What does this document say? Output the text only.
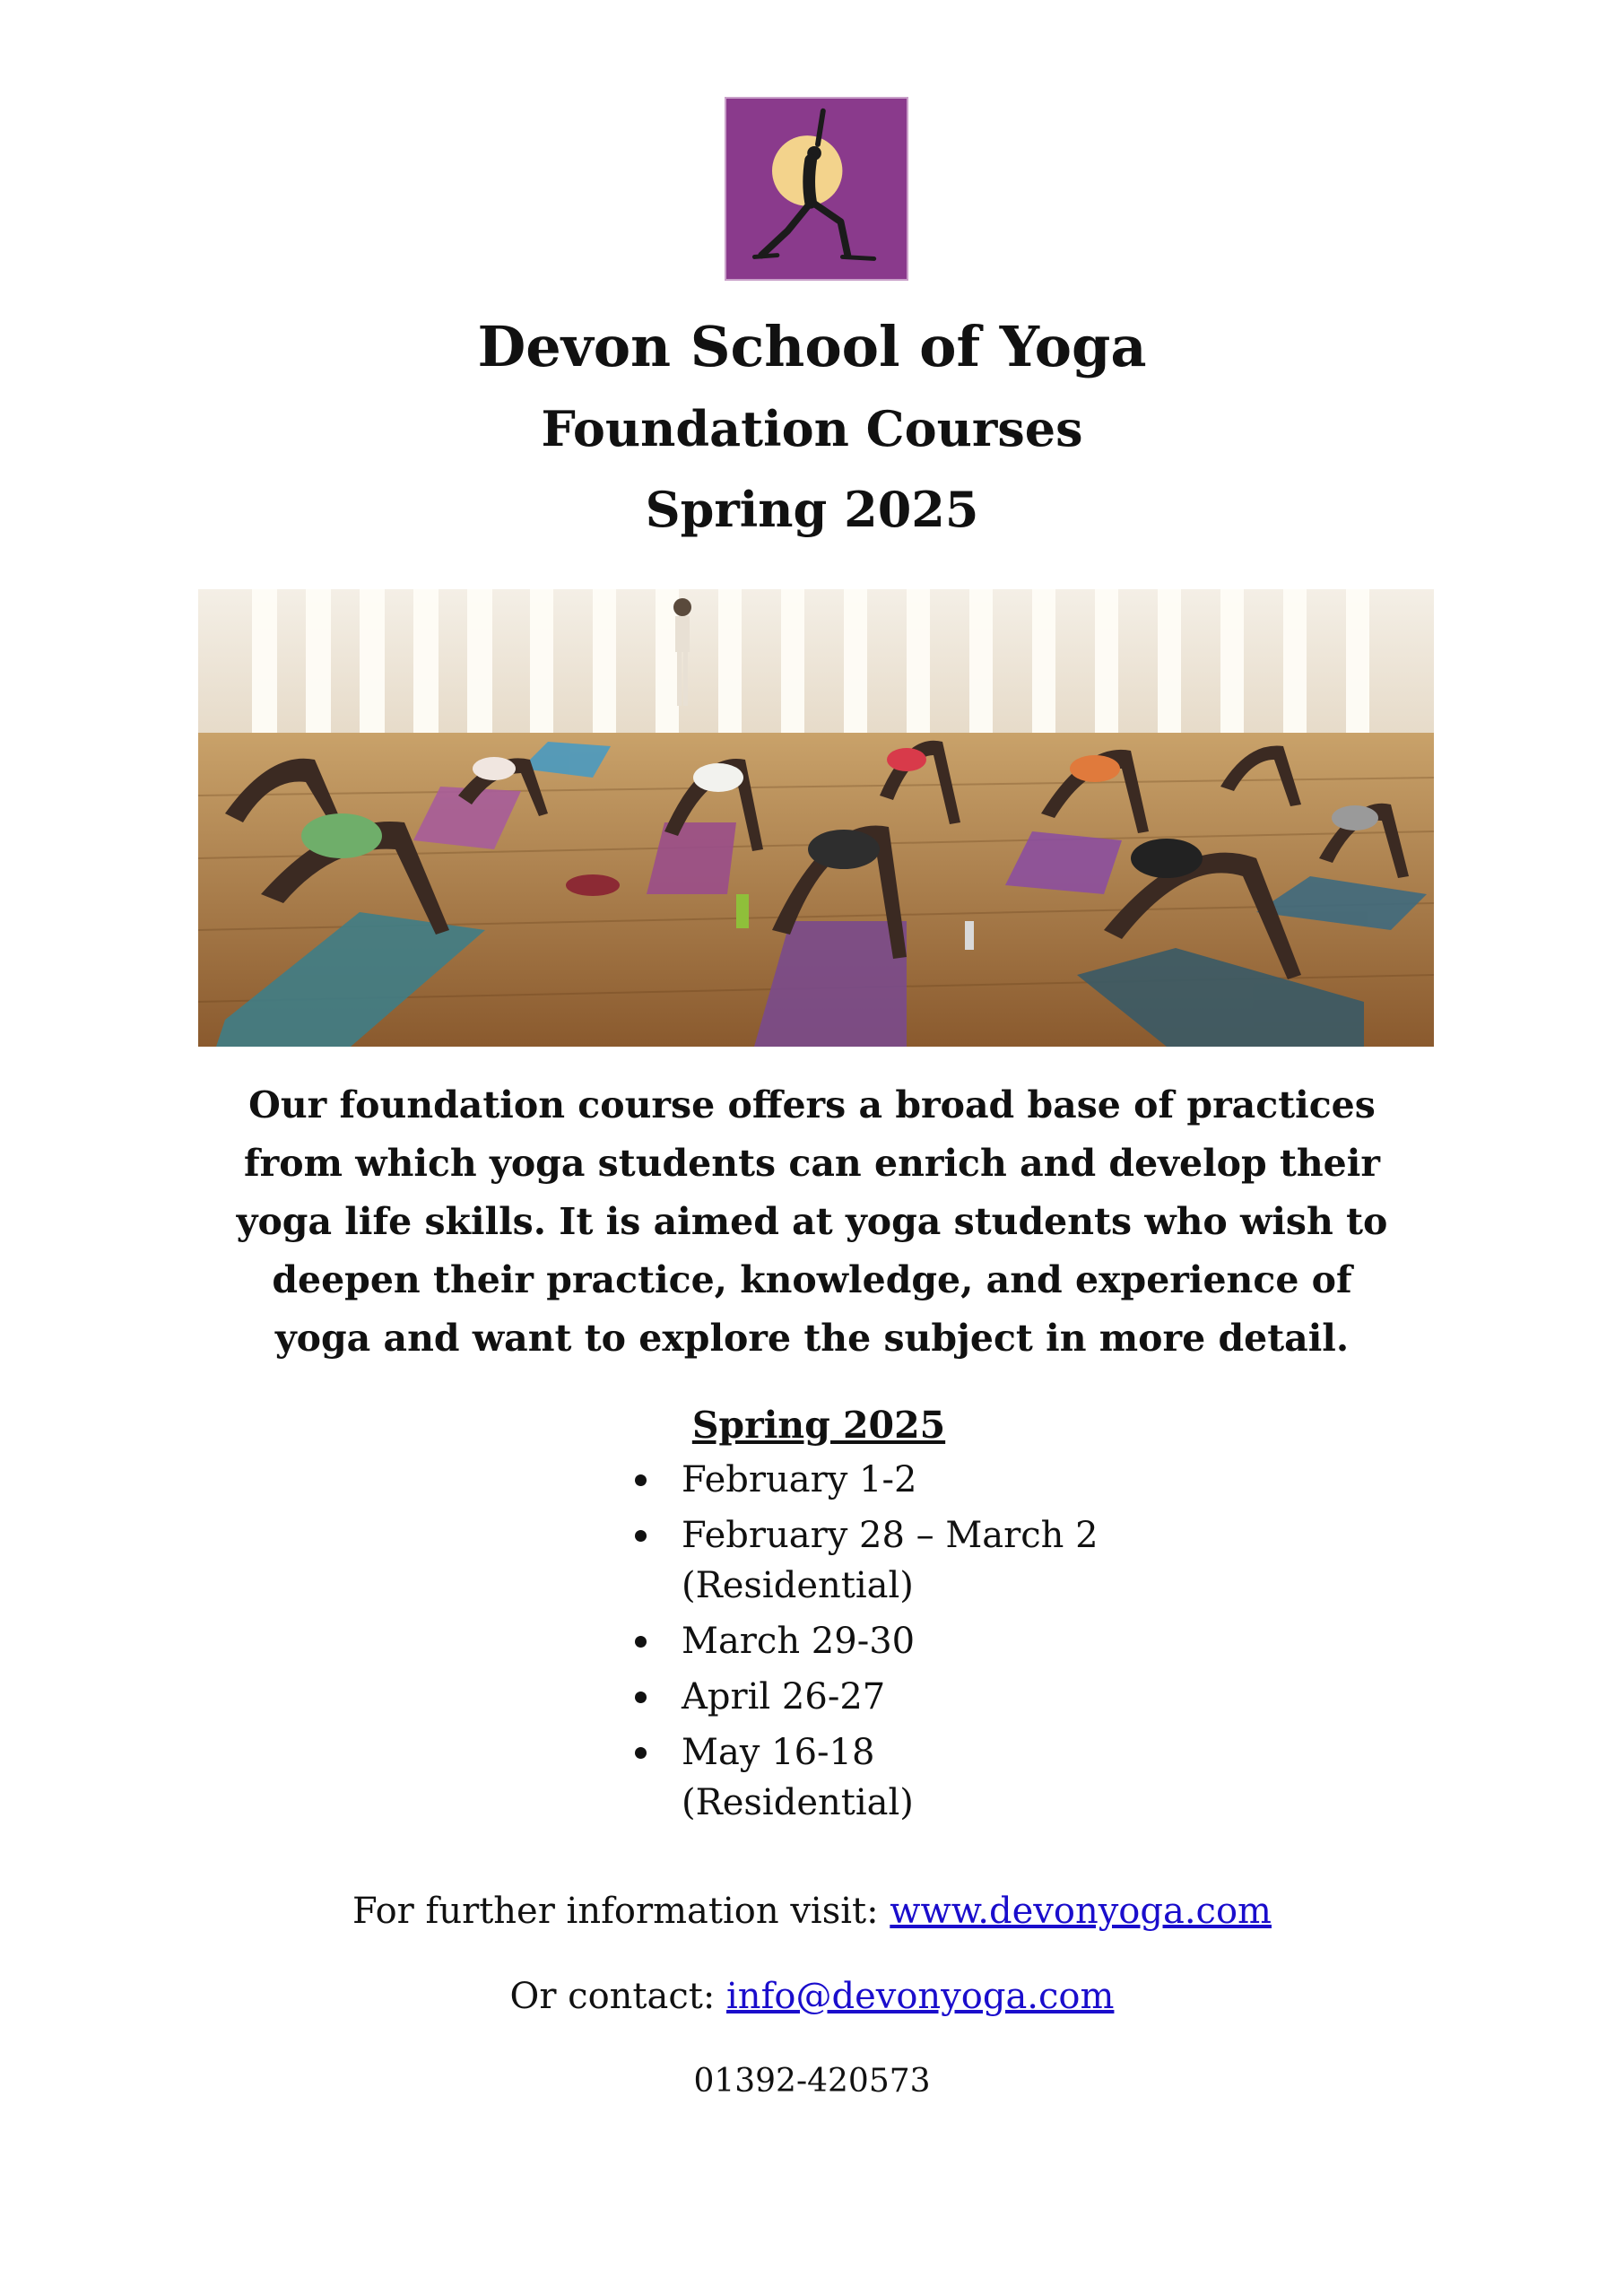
Devon School of Yoga
Foundation Courses
Spring 2025
Our foundation course offers a broad base of practices from which yoga students can enrich and develop their yoga life skills. It is aimed at yoga students who wish to deepen their practice, knowledge, and experience of yoga and want to explore the subject in more detail.
Spring 2025
February 1-2
February 28 – March 2
(Residential)
March 29-30
April 26-27
May 16-18
(Residential)
For further information visit: www.devonyoga.com
Or contact: info@devonyoga.com
01392-420573
